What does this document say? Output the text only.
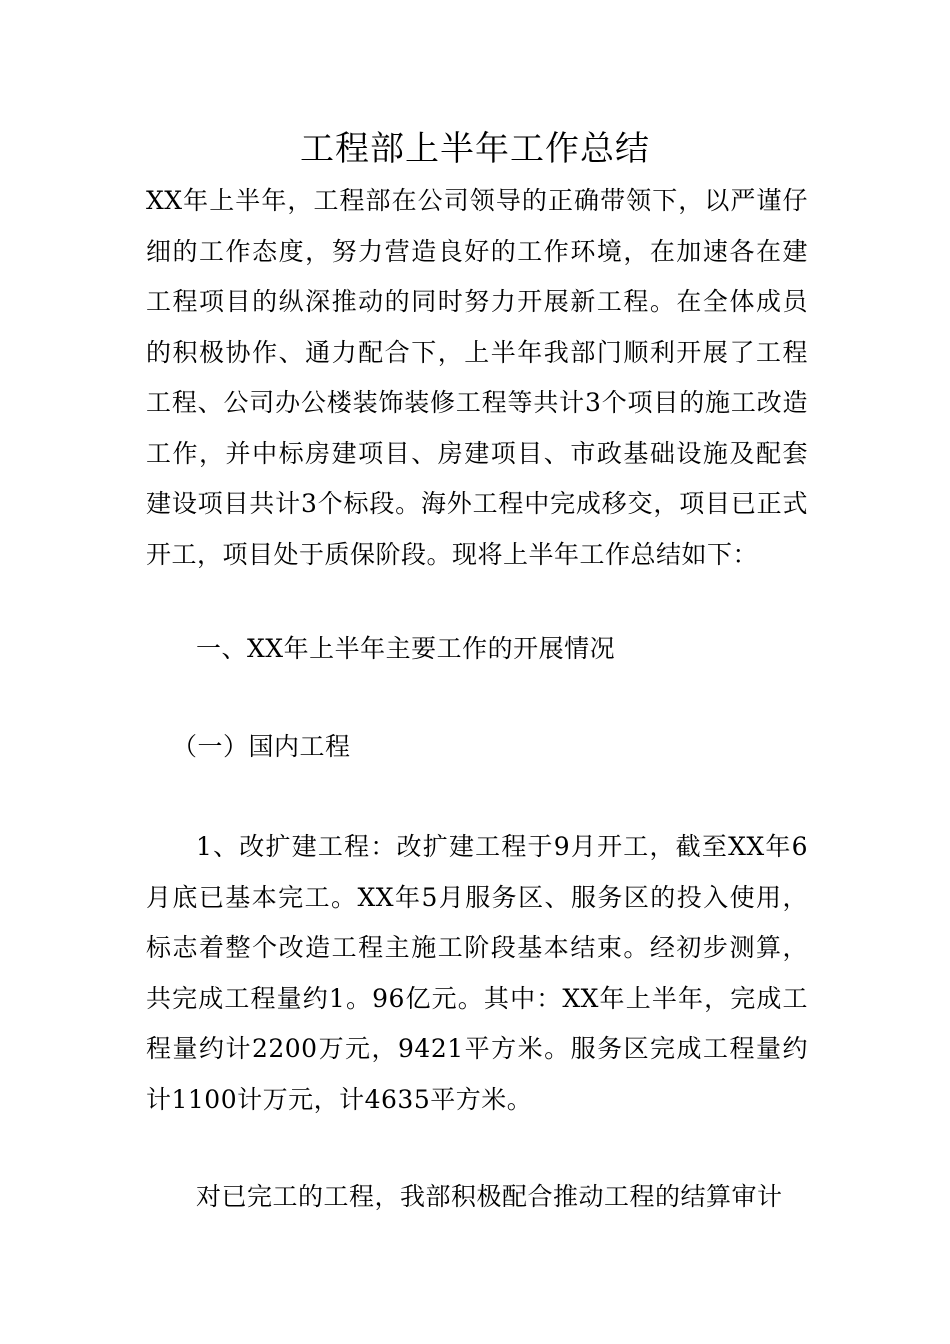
工程部上半年工作总结
XX年上半年，工程部在公司领导的正确带领下，以严谨仔细的工作态度，努力营造良好的工作环境，在加速各在建工程项目的纵深推动的同时努力开展新工程。在全体成员的积极协作、通力配合下，上半年我部门顺利开展了工程工程、公司办公楼装饰装修工程等共计3个项目的施工改造工作，并中标房建项目、房建项目、市政基础设施及配套建设项目共计3个标段。海外工程中完成移交，项目已正式开工，项目处于质保阶段。现将上半年工作总结如下：
一、XX年上半年主要工作的开展情况
（一）国内工程
1、改扩建工程：改扩建工程于9月开工，截至XX年6月底已基本完工。XX年5月服务区、服务区的投入使用，标志着整个改造工程主施工阶段基本结束。经初步测算，共完成工程量约1。96亿元。其中：XX年上半年，完成工程量约计2200万元，9421平方米。服务区完成工程量约计1100计万元，计4635平方米。
对已完工的工程，我部积极配合推动工程的结算审计
